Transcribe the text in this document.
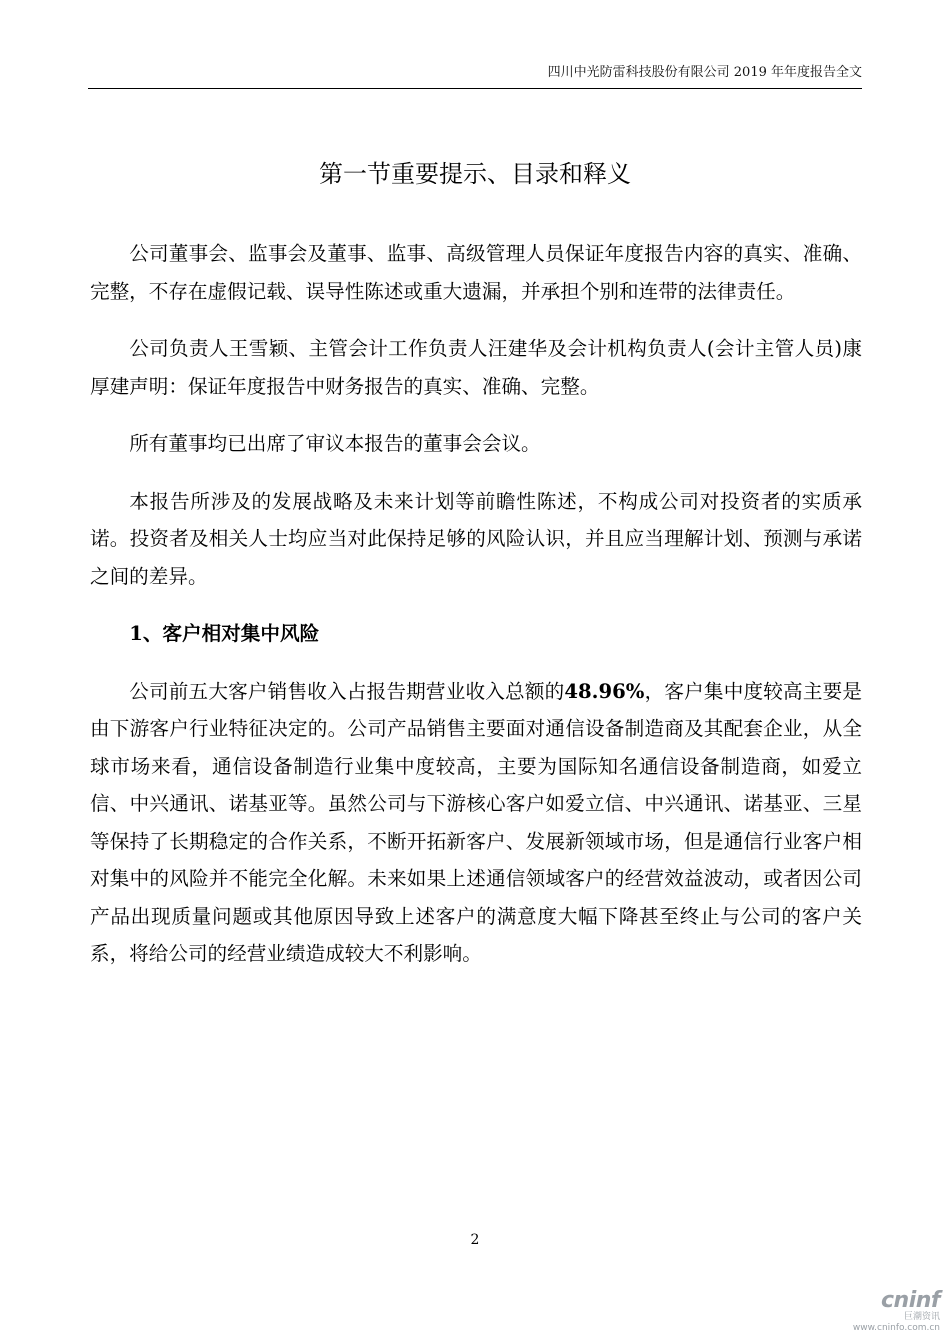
四川中光防雷科技股份有限公司 2019 年年度报告全文
第一节重要提示、目录和释义

公司董事会、监事会及董事、监事、高级管理人员保证年度报告内容的真实、准确、完整，不存在虚假记载、误导性陈述或重大遗漏，并承担个别和连带的法律责任。

公司负责人王雪颖、主管会计工作负责人汪建华及会计机构负责人(会计主管人员)康厚建声明：保证年度报告中财务报告的真实、准确、完整。

所有董事均已出席了审议本报告的董事会会议。

本报告所涉及的发展战略及未来计划等前瞻性陈述，不构成公司对投资者的实质承诺。投资者及相关人士均应当对此保持足够的风险认识，并且应当理解计划、预测与承诺之间的差异。

1、客户相对集中风险

公司前五大客户销售收入占报告期营业收入总额的48.96%，客户集中度较高主要是由下游客户行业特征决定的。公司产品销售主要面对通信设备制造商及其配套企业，从全球市场来看，通信设备制造行业集中度较高，主要为国际知名通信设备制造商，如爱立信、中兴通讯、诺基亚等。虽然公司与下游核心客户如爱立信、中兴通讯、诺基亚、三星等保持了长期稳定的合作关系，不断开拓新客户、发展新领域市场，但是通信行业客户相对集中的风险并不能完全化解。未来如果上述通信领域客户的经营效益波动，或者因公司产品出现质量问题或其他原因导致上述客户的满意度大幅下降甚至终止与公司的客户关系，将给公司的经营业绩造成较大不利影响。

2
cninf
巨潮资讯
www.cninfo.com.cn
